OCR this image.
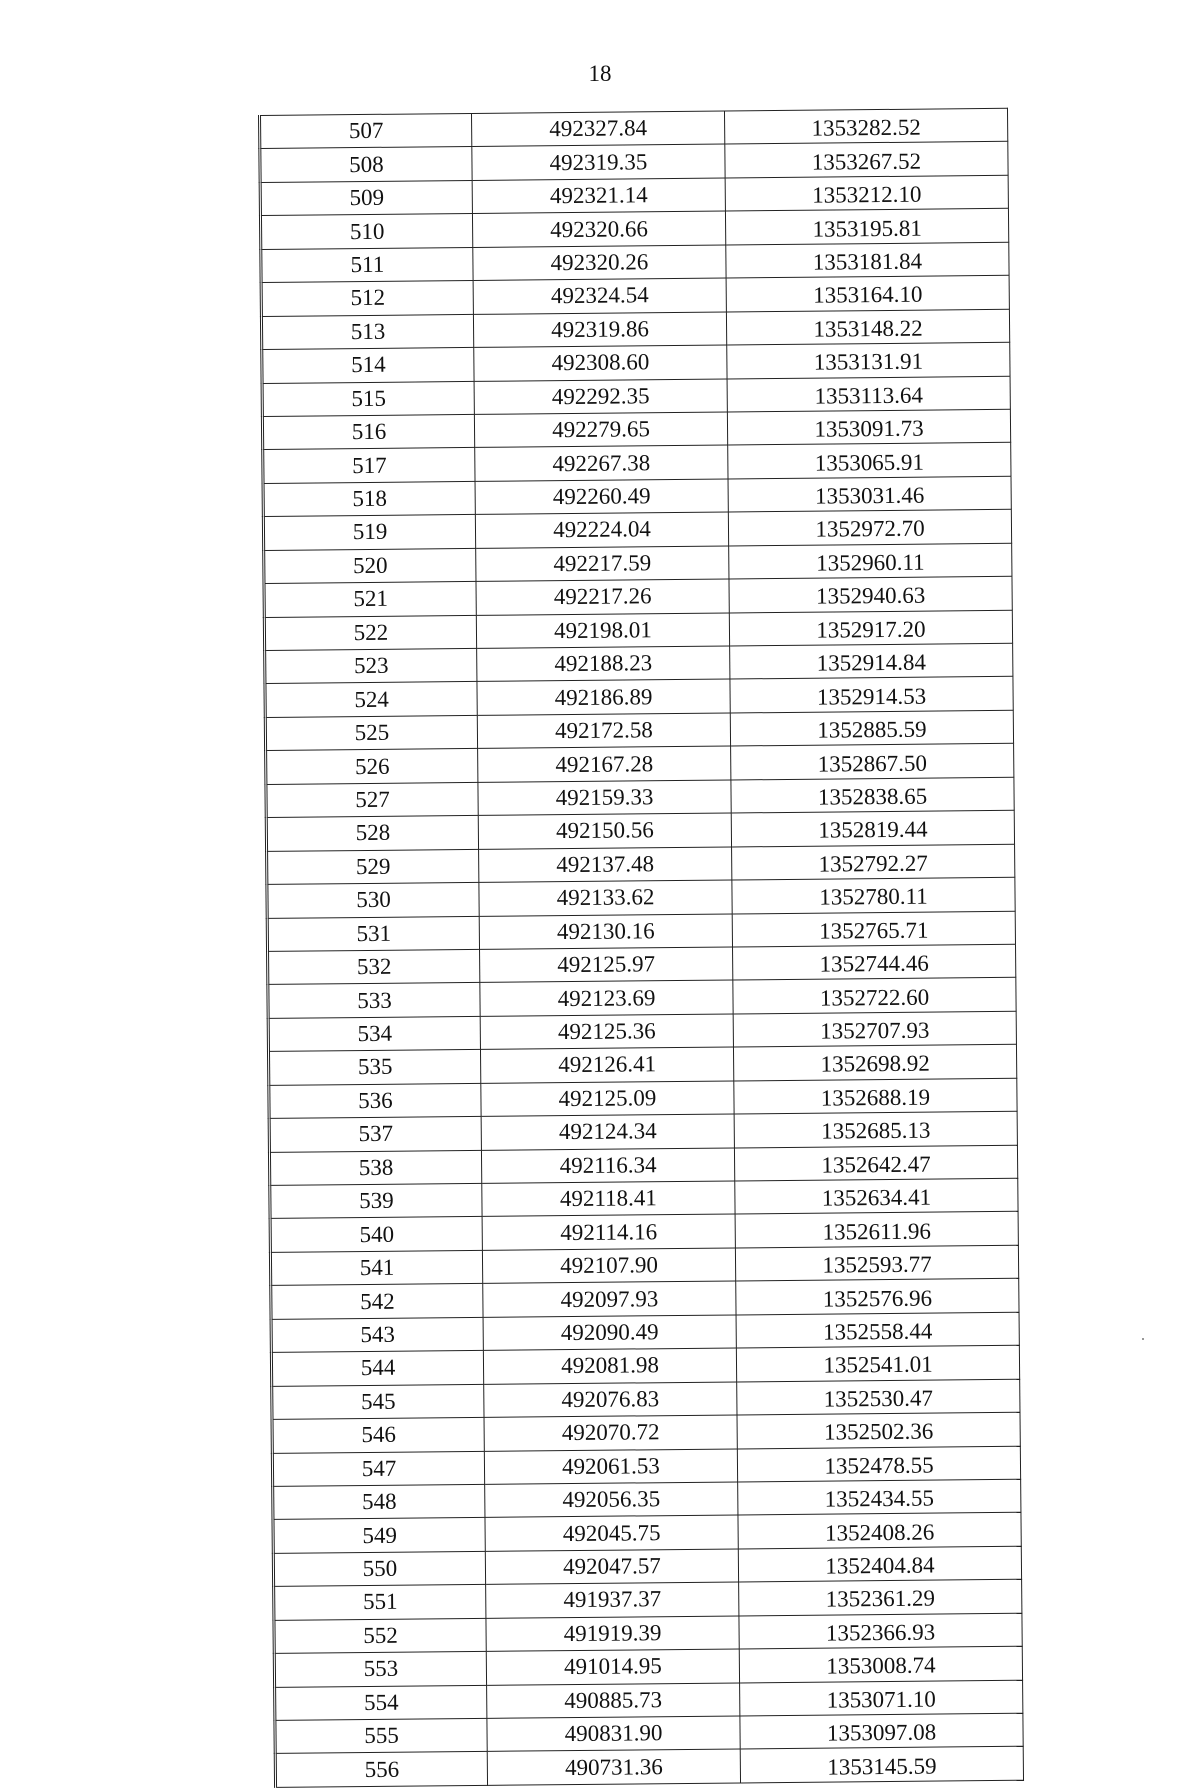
18
507	492327.84	1353282.52
508	492319.35	1353267.52
509	492321.14	1353212.10
510	492320.66	1353195.81
511	492320.26	1353181.84
512	492324.54	1353164.10
513	492319.86	1353148.22
514	492308.60	1353131.91
515	492292.35	1353113.64
516	492279.65	1353091.73
517	492267.38	1353065.91
518	492260.49	1353031.46
519	492224.04	1352972.70
520	492217.59	1352960.11
521	492217.26	1352940.63
522	492198.01	1352917.20
523	492188.23	1352914.84
524	492186.89	1352914.53
525	492172.58	1352885.59
526	492167.28	1352867.50
527	492159.33	1352838.65
528	492150.56	1352819.44
529	492137.48	1352792.27
530	492133.62	1352780.11
531	492130.16	1352765.71
532	492125.97	1352744.46
533	492123.69	1352722.60
534	492125.36	1352707.93
535	492126.41	1352698.92
536	492125.09	1352688.19
537	492124.34	1352685.13
538	492116.34	1352642.47
539	492118.41	1352634.41
540	492114.16	1352611.96
541	492107.90	1352593.77
542	492097.93	1352576.96
543	492090.49	1352558.44
544	492081.98	1352541.01
545	492076.83	1352530.47
546	492070.72	1352502.36
547	492061.53	1352478.55
548	492056.35	1352434.55
549	492045.75	1352408.26
550	492047.57	1352404.84
551	491937.37	1352361.29
552	491919.39	1352366.93
553	491014.95	1353008.74
554	490885.73	1353071.10
555	490831.90	1353097.08
556	490731.36	1353145.59
